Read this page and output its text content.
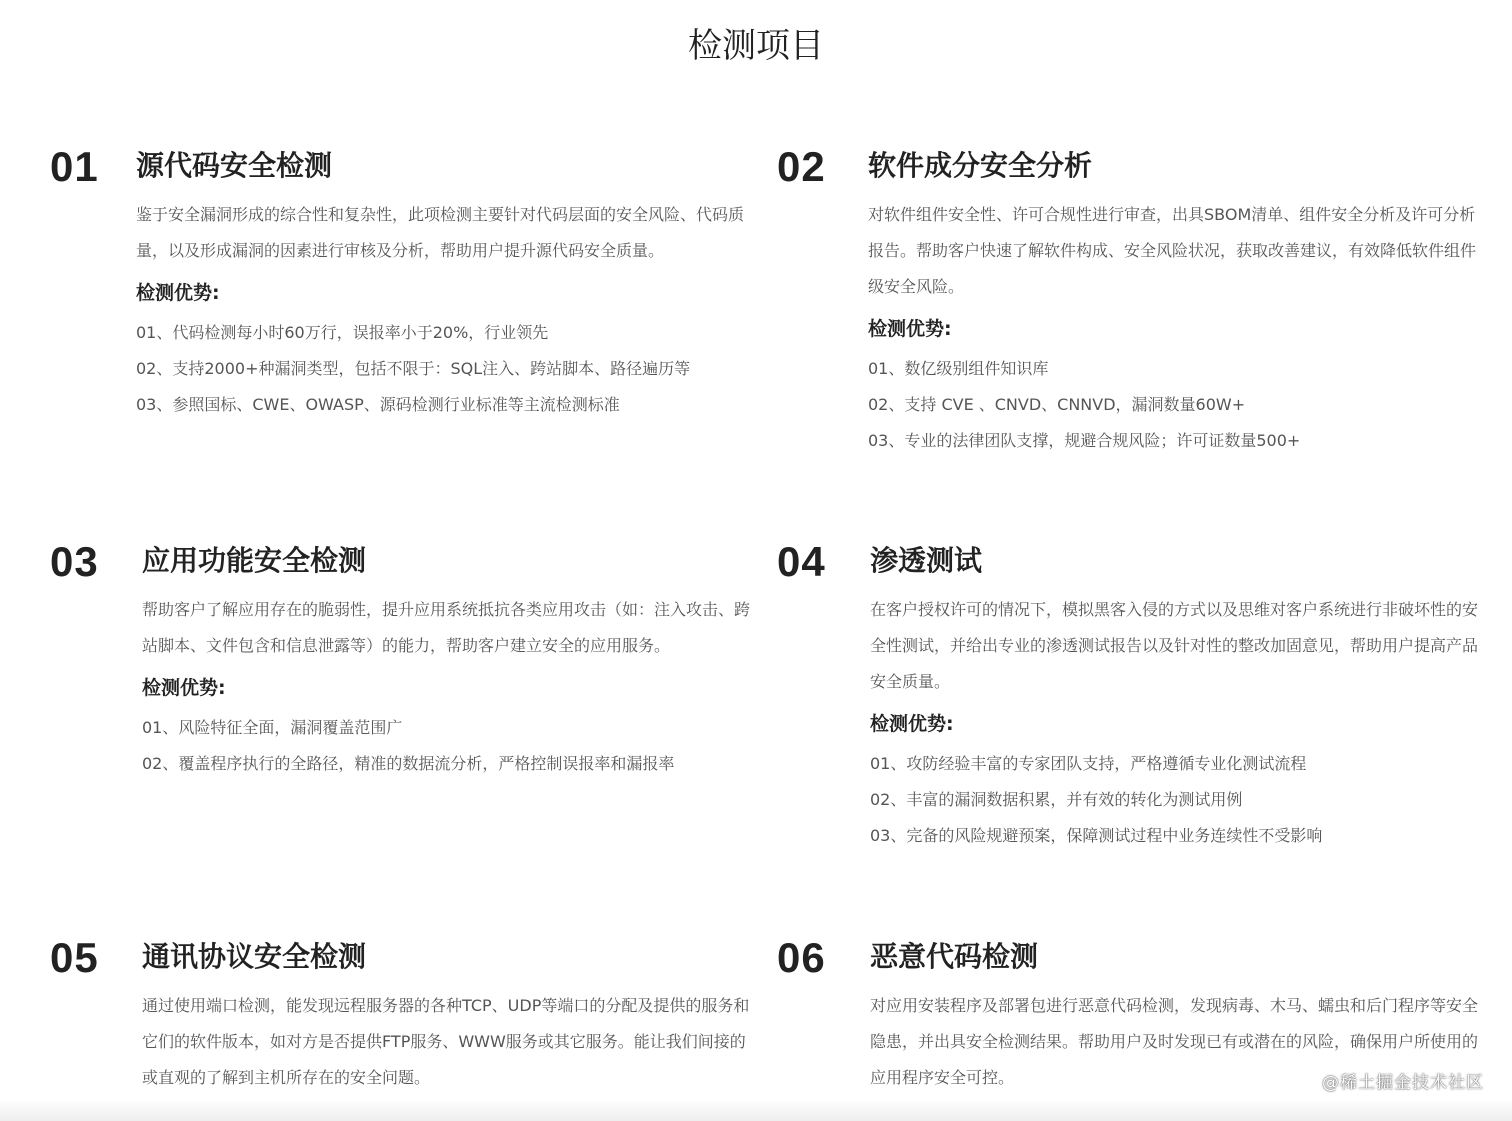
检测项目
01 源代码安全检测

鉴于安全漏洞形成的综合性和复杂性，此项检测主要针对代码层面的安全风险、代码质量，以及形成漏洞的因素进行审核及分析，帮助用户提升源代码安全质量。

检测优势:

01、代码检测每小时60万行，误报率小于20%，行业领先

02、支持2000+种漏洞类型，包括不限于：SQL注入、跨站脚本、路径遍历等

03、参照国标、CWE、OWASP、源码检测行业标准等主流检测标准

02 软件成分安全分析

对软件组件安全性、许可合规性进行审查，出具SBOM清单、组件安全分析及许可分析报告。帮助客户快速了解软件构成、安全风险状况，获取改善建议，有效降低软件组件级安全风险。

检测优势:

01、数亿级别组件知识库

02、支持 CVE 、CNVD、CNNVD，漏洞数量60W+

03、专业的法律团队支撑，规避合规风险；许可证数量500+

03 应用功能安全检测

帮助客户了解应用存在的脆弱性，提升应用系统抵抗各类应用攻击（如：注入攻击、跨站脚本、文件包含和信息泄露等）的能力，帮助客户建立安全的应用服务。

检测优势:

01、风险特征全面，漏洞覆盖范围广

02、覆盖程序执行的全路径，精准的数据流分析，严格控制误报率和漏报率

04 渗透测试

在客户授权许可的情况下，模拟黑客入侵的方式以及思维对客户系统进行非破坏性的安全性测试，并给出专业的渗透测试报告以及针对性的整改加固意见，帮助用户提高产品安全质量。

检测优势:

01、攻防经验丰富的专家团队支持，严格遵循专业化测试流程

02、丰富的漏洞数据积累，并有效的转化为测试用例

03、完备的风险规避预案，保障测试过程中业务连续性不受影响

05 通讯协议安全检测

通过使用端口检测，能发现远程服务器的各种TCP、UDP等端口的分配及提供的服务和它们的软件版本，如对方是否提供FTP服务、WWW服务或其它服务。能让我们间接的或直观的了解到主机所存在的安全问题。

06 恶意代码检测

对应用安装程序及部署包进行恶意代码检测，发现病毒、木马、蠕虫和后门程序等安全隐患，并出具安全检测结果。帮助用户及时发现已有或潜在的风险，确保用户所使用的应用程序安全可控。	@稀土掘金技术社区
